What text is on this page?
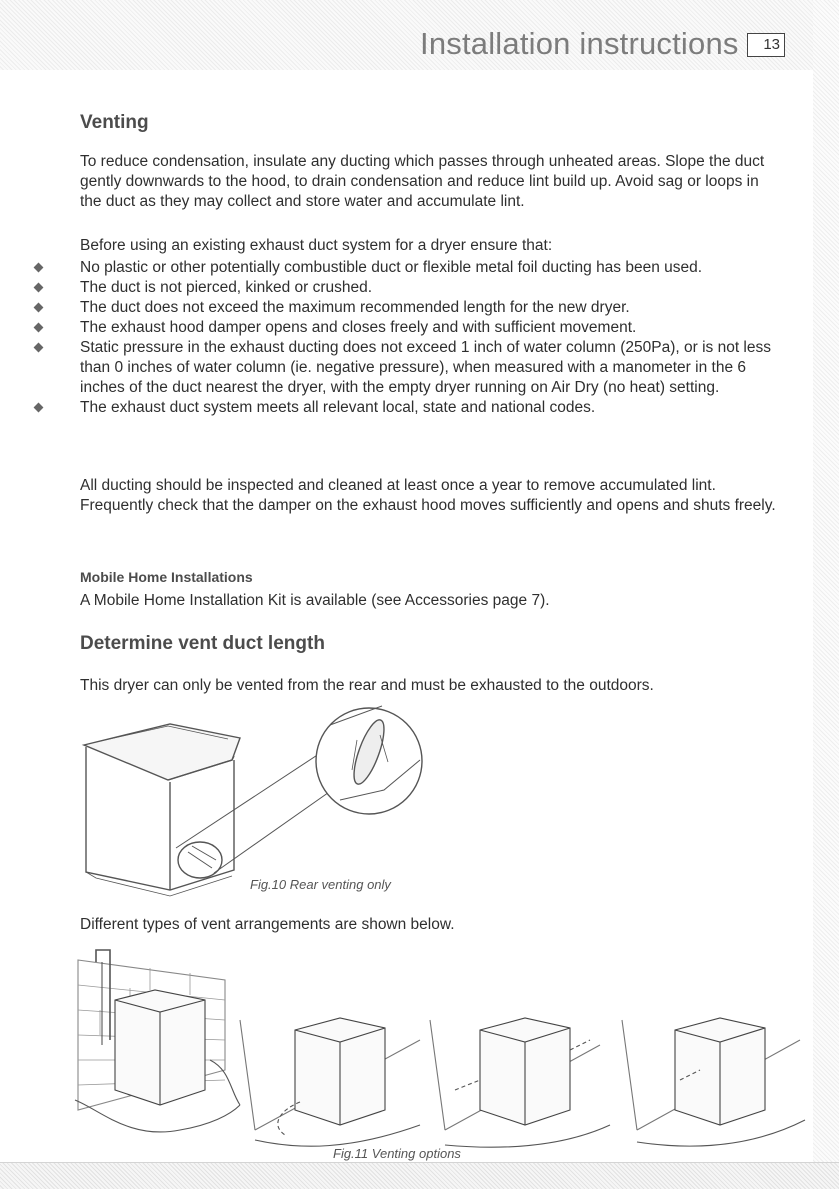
Installation instructions	13
Venting

To reduce condensation, insulate any ducting which passes through unheated areas. Slope the duct gently downwards to the hood, to drain condensation and reduce lint build up. Avoid sag or loops in the duct as they may collect and store water and accumulate lint.

Before using an existing exhaust duct system for a dryer ensure that:

No plastic or other potentially combustible duct or flexible metal foil ducting has been used.
The duct is not pierced, kinked or crushed.
The duct does not exceed the maximum recommended length for the new dryer.
The exhaust hood damper opens and closes freely and with sufficient movement.
Static pressure in the exhaust ducting does not exceed 1 inch of water column (250Pa), or is not less than 0 inches of water column (ie. negative pressure), when measured with a manometer in the 6 inches of the duct nearest the dryer, with the empty dryer running on Air Dry (no heat) setting.
The exhaust duct system meets all relevant local, state and national codes.

All ducting should be inspected and cleaned at least once a year to remove accumulated lint. Frequently check that the damper on the exhaust hood moves sufficiently and opens and shuts freely.

Mobile Home Installations

A Mobile Home Installation Kit is available (see Accessories page 7).

Determine vent duct length

This dryer can only be vented from the rear and must be exhausted to the outdoors.

Fig.10 Rear venting only

Different types of vent arrangements are shown below.

Fig.11 Venting options
